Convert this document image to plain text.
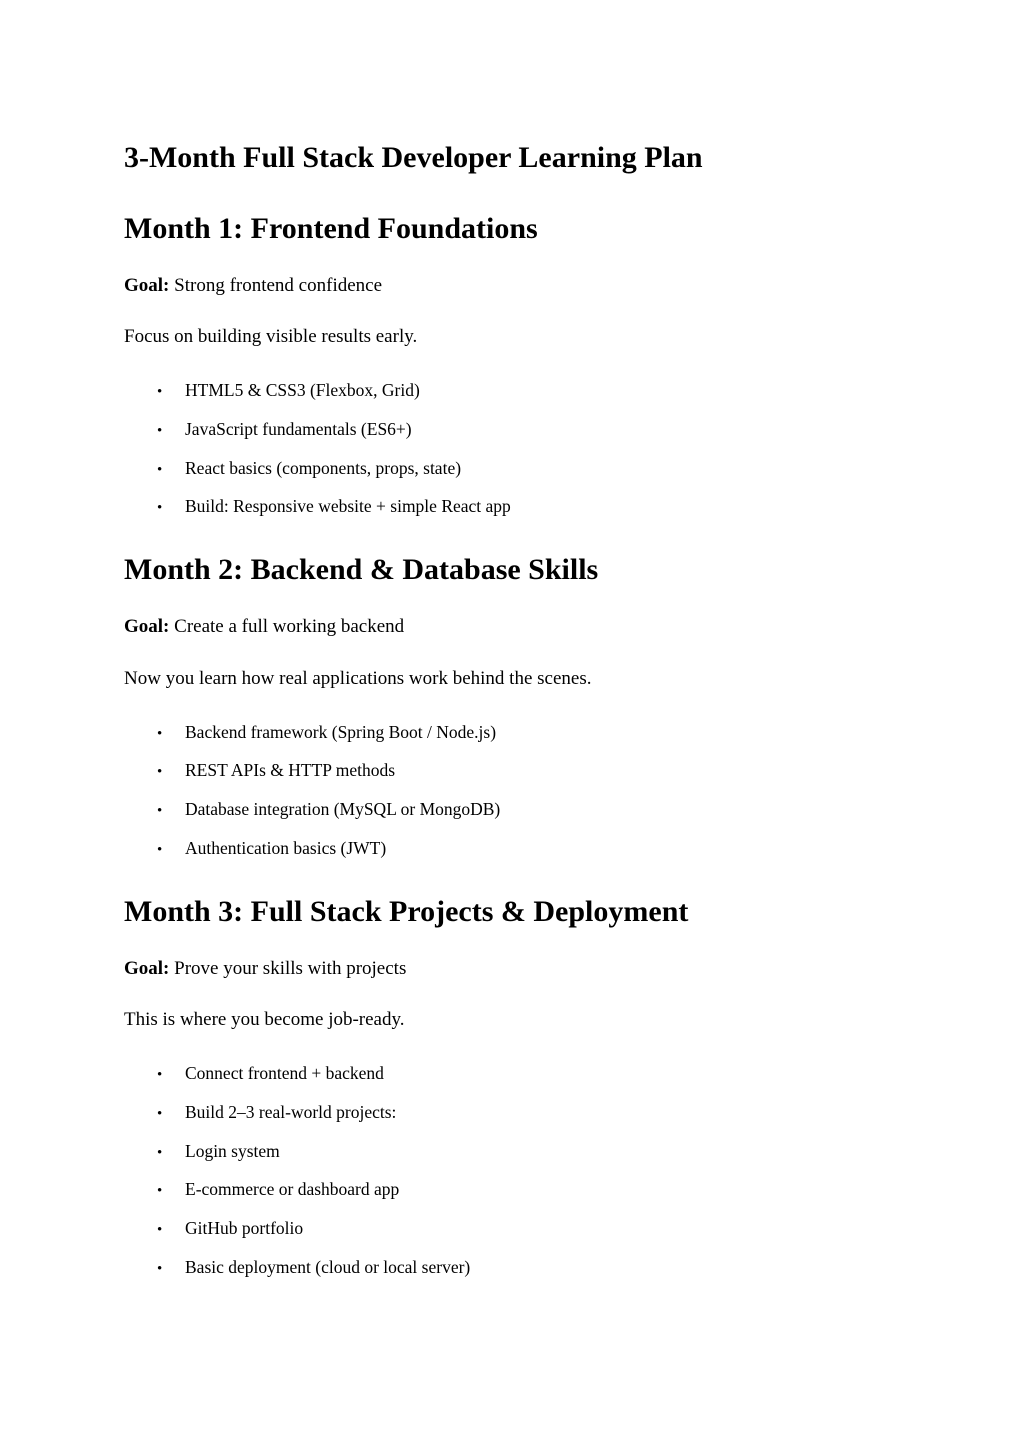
3-Month Full Stack Developer Learning Plan
Month 1: Frontend Foundations
Goal: Strong frontend confidence
Focus on building visible results early.
• HTML5 & CSS3 (Flexbox, Grid)
• JavaScript fundamentals (ES6+)
• React basics (components, props, state)
• Build: Responsive website + simple React app
Month 2: Backend & Database Skills
Goal: Create a full working backend
Now you learn how real applications work behind the scenes.
• Backend framework (Spring Boot / Node.js)
• REST APIs & HTTP methods
• Database integration (MySQL or MongoDB)
• Authentication basics (JWT)
Month 3: Full Stack Projects & Deployment
Goal: Prove your skills with projects
This is where you become job-ready.
• Connect frontend + backend
• Build 2–3 real-world projects:
• Login system
• E-commerce or dashboard app
• GitHub portfolio
• Basic deployment (cloud or local server)
